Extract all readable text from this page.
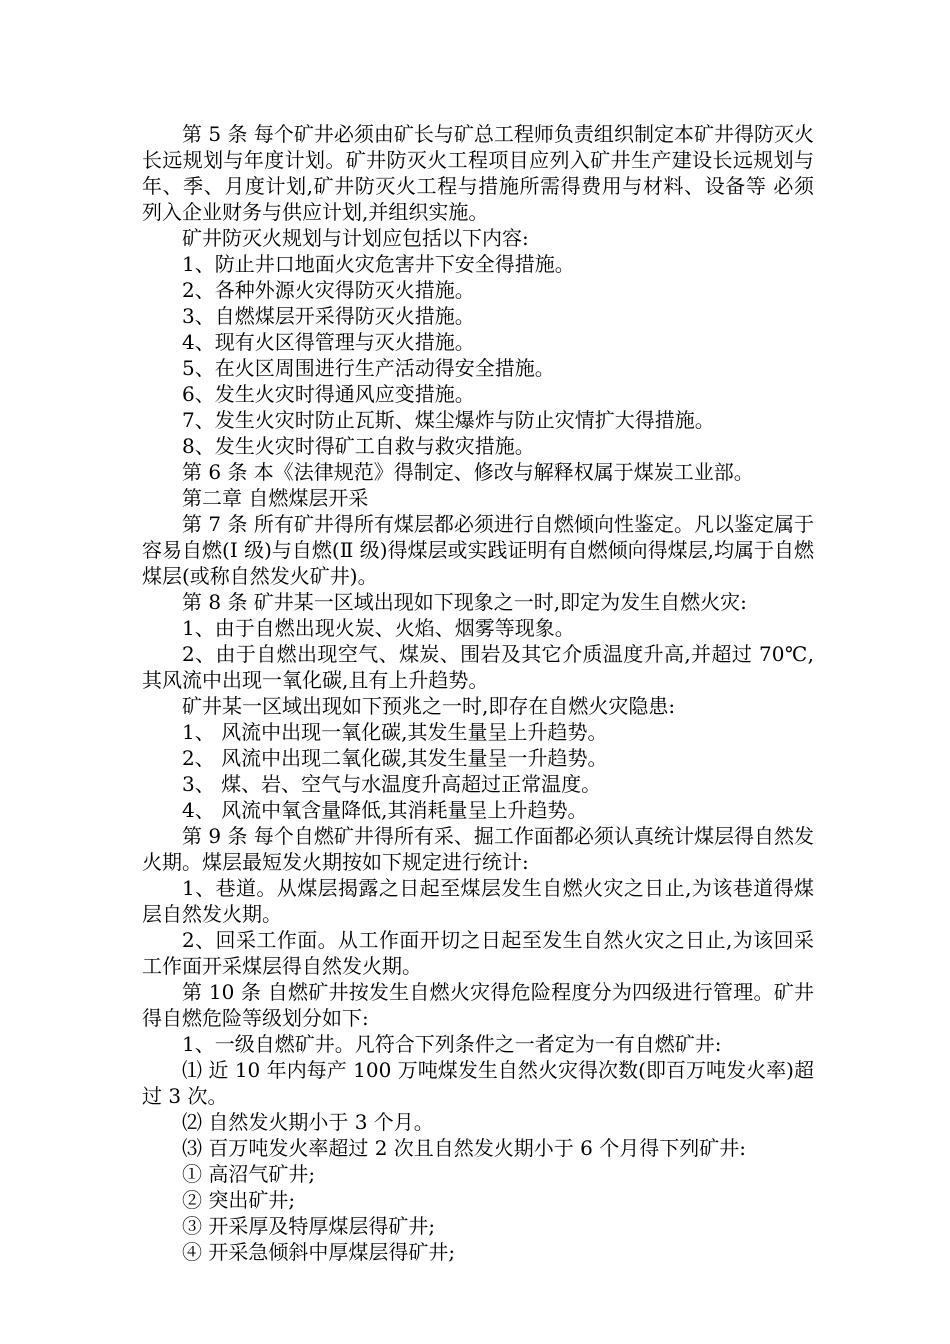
第 5 条 每个矿井必须由矿长与矿总工程师负责组织制定本矿井得防灭火长远规划与年度计划。矿井防灭火工程项目应列入矿井生产建设长远规划与年、季、月度计划,矿井防灭火工程与措施所需得费用与材料、设备等 必须列入企业财务与供应计划,并组织实施。

矿井防灭火规划与计划应包括以下内容:

1、防止井口地面火灾危害井下安全得措施。

2、各种外源火灾得防灭火措施。

3、自燃煤层开采得防灭火措施。

4、现有火区得管理与灭火措施。

5、在火区周围进行生产活动得安全措施。

6、发生火灾时得通风应变措施。

7、发生火灾时防止瓦斯、煤尘爆炸与防止灾情扩大得措施。

8、发生火灾时得矿工自救与救灾措施。

第 6 条 本《法律规范》得制定、修改与解释权属于煤炭工业部。

第二章 自燃煤层开采

第 7 条 所有矿井得所有煤层都必须进行自燃倾向性鉴定。凡以鉴定属于容易自燃(Ⅰ 级)与自燃(Ⅱ 级)得煤层或实践证明有自燃倾向得煤层,均属于自燃煤层(或称自然发火矿井)。

第 8 条 矿井某一区域出现如下现象之一时,即定为发生自燃火灾:

1、由于自燃出现火炭、火焰、烟雾等现象。

2、由于自燃出现空气、煤炭、围岩及其它介质温度升高,并超过 70℃,其风流中出现一氧化碳,且有上升趋势。

矿井某一区域出现如下预兆之一时,即存在自燃火灾隐患:

1、 风流中出现一氧化碳,其发生量呈上升趋势。

2、 风流中出现二氧化碳,其发生量呈一升趋势。

3、 煤、岩、空气与水温度升高超过正常温度。

4、 风流中氧含量降低,其消耗量呈上升趋势。

第 9 条 每个自燃矿井得所有采、掘工作面都必须认真统计煤层得自然发火期。煤层最短发火期按如下规定进行统计:

1、巷道。从煤层揭露之日起至煤层发生自燃火灾之日止,为该巷道得煤层自然发火期。

2、回采工作面。从工作面开切之日起至发生自然火灾之日止,为该回采工作面开采煤层得自然发火期。

第 10 条 自燃矿井按发生自燃火灾得危险程度分为四级进行管理。矿井得自燃危险等级划分如下:

1、一级自燃矿井。凡符合下列条件之一者定为一有自燃矿井:

⑴ 近 10 年内每产 100 万吨煤发生自然火灾得次数(即百万吨发火率)超过 3 次。

⑵ 自然发火期小于 3 个月。

⑶ 百万吨发火率超过 2 次且自然发火期小于 6 个月得下列矿井:

① 高沼气矿井;

② 突出矿井;

③ 开采厚及特厚煤层得矿井;

④ 开采急倾斜中厚煤层得矿井;
